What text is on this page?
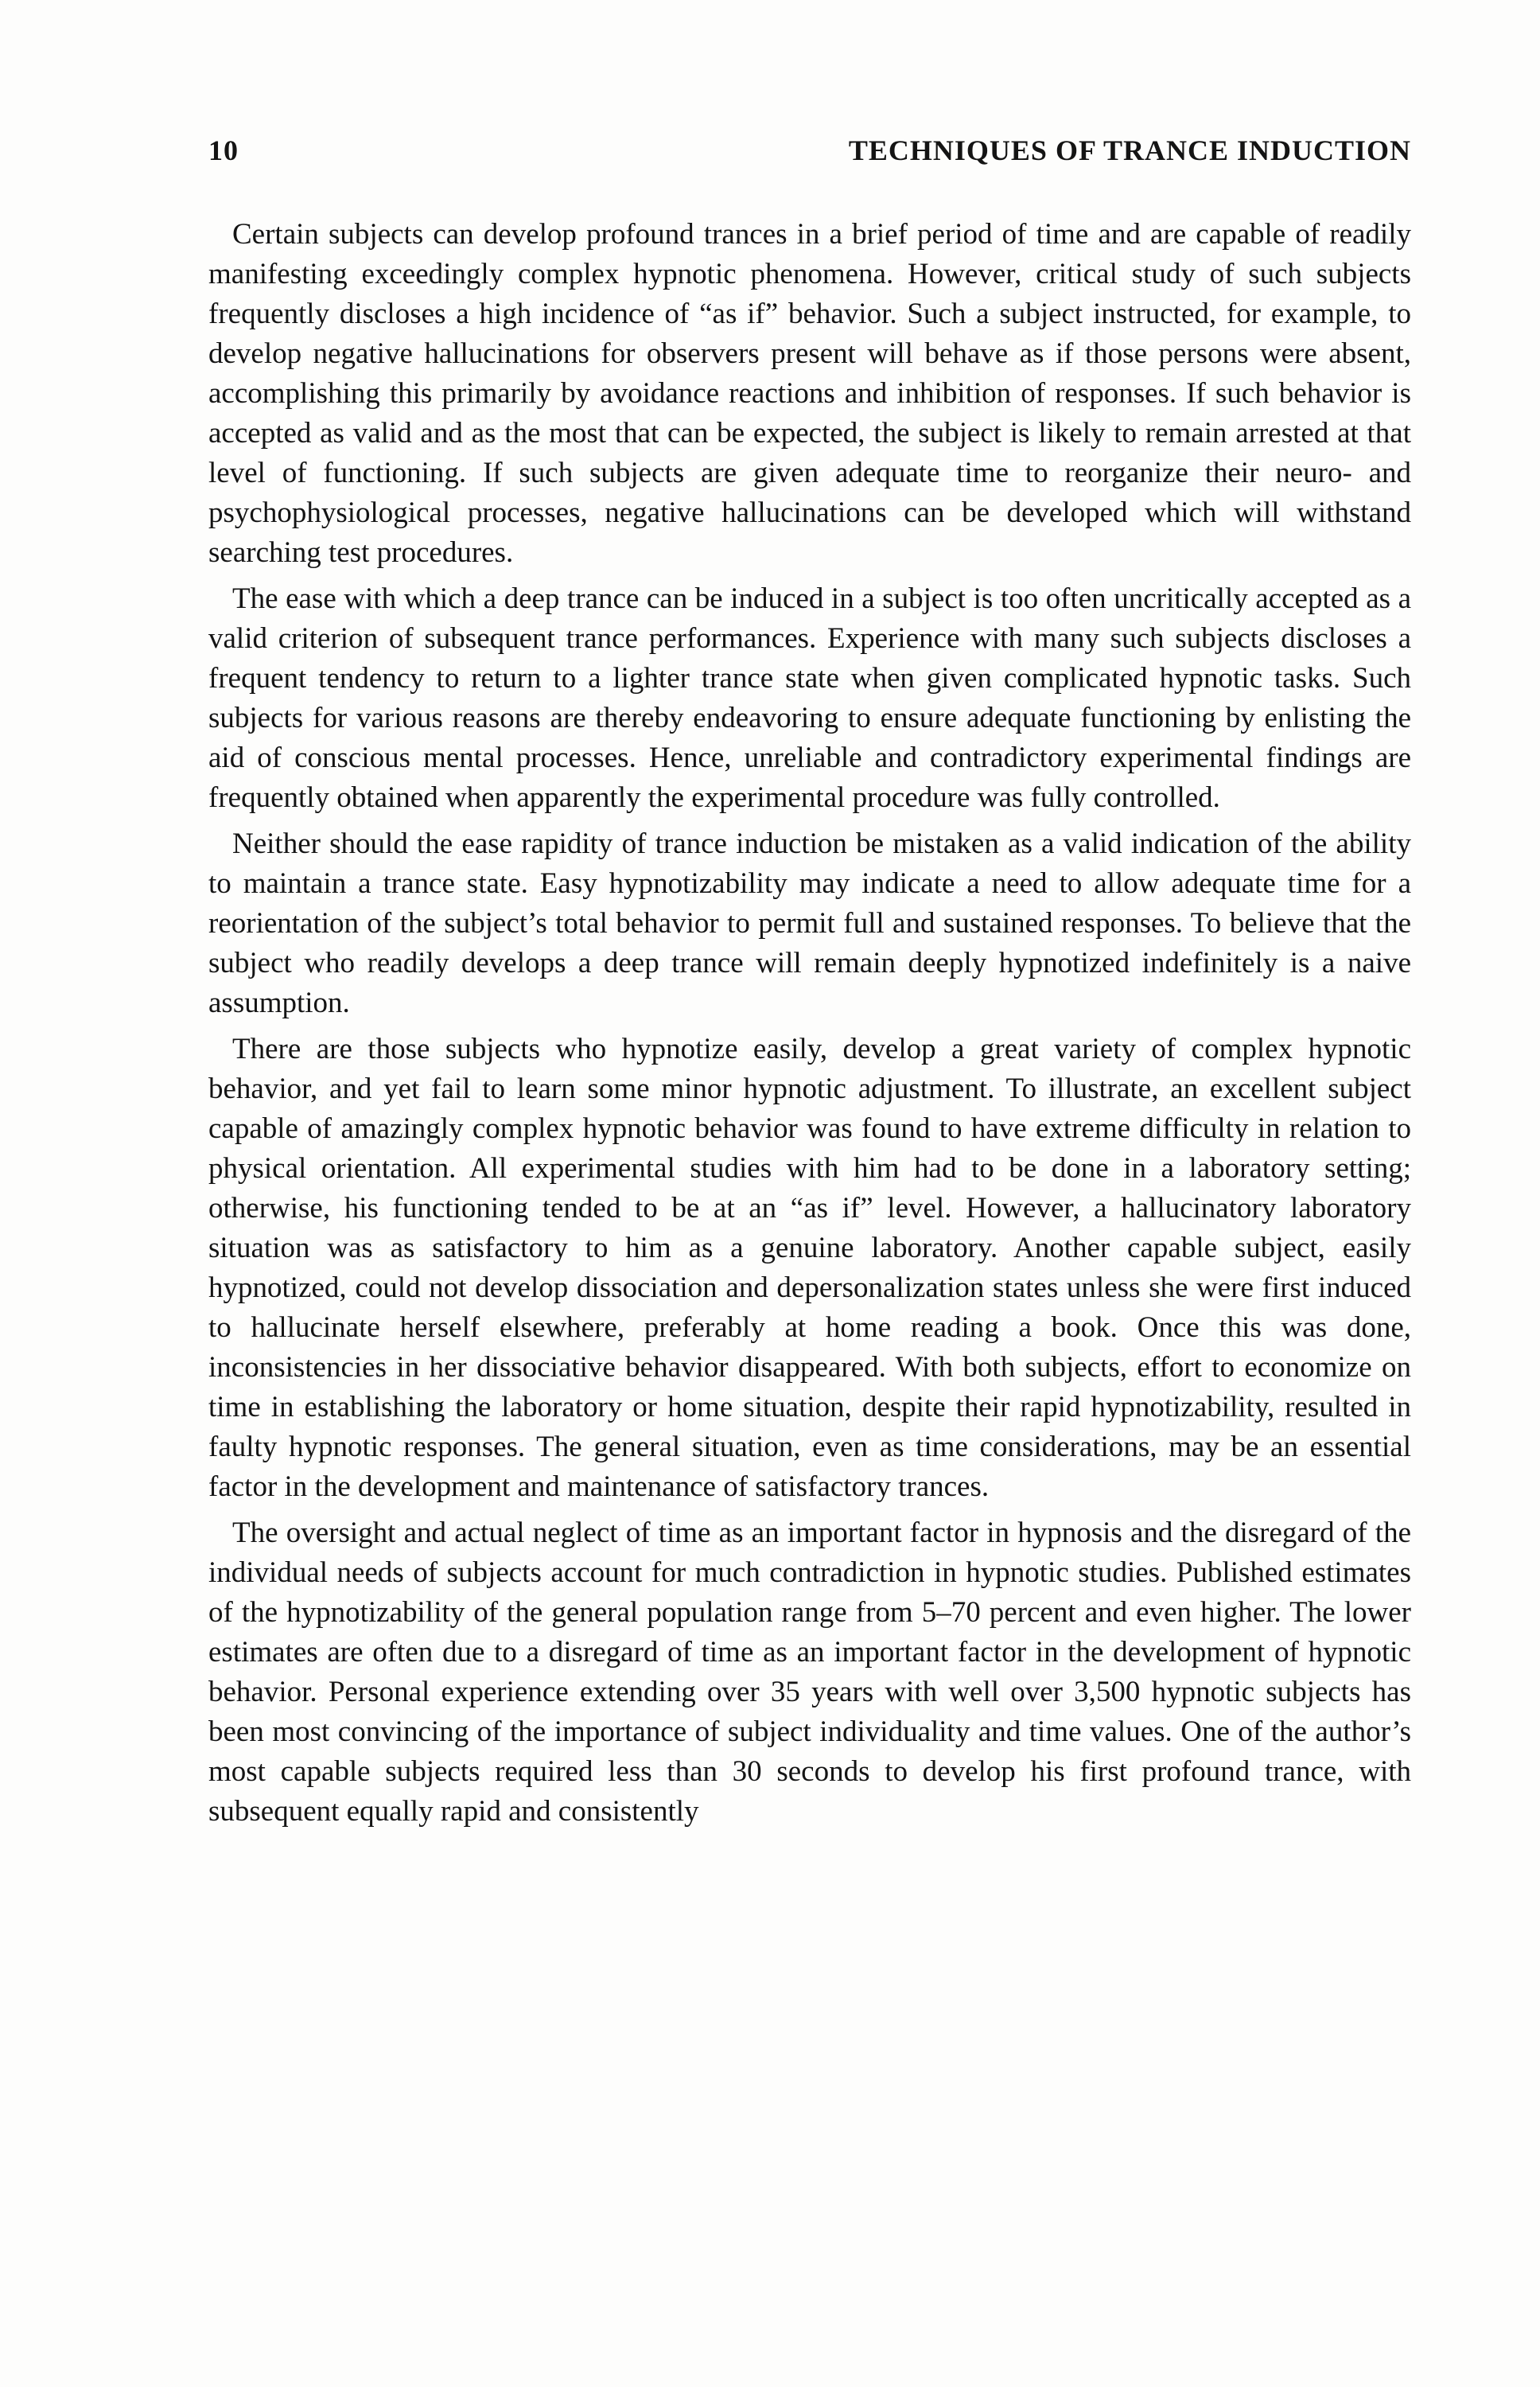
10	TECHNIQUES OF TRANCE INDUCTION

Certain subjects can develop profound trances in a brief period of time and are capable of readily manifesting exceedingly complex hypnotic phenomena. However, critical study of such subjects frequently discloses a high incidence of “as if” behavior. Such a subject instructed, for example, to develop negative hallucinations for observers present will behave as if those persons were absent, accomplishing this primarily by avoidance reactions and inhibition of responses. If such behavior is accepted as valid and as the most that can be expected, the subject is likely to remain arrested at that level of functioning. If such subjects are given adequate time to reorganize their neuro- and psychophysiological processes, negative hallucinations can be developed which will withstand searching test procedures.

The ease with which a deep trance can be induced in a subject is too often uncritically accepted as a valid criterion of subsequent trance performances. Experience with many such subjects discloses a frequent tendency to return to a lighter trance state when given complicated hypnotic tasks. Such subjects for various reasons are thereby endeavoring to ensure adequate functioning by enlisting the aid of conscious mental processes. Hence, unreliable and contradictory experimental findings are frequently obtained when apparently the experimental procedure was fully controlled.

Neither should the ease rapidity of trance induction be mistaken as a valid indication of the ability to maintain a trance state. Easy hypnotizability may indicate a need to allow adequate time for a reorientation of the subject’s total behavior to permit full and sustained responses. To believe that the subject who readily develops a deep trance will remain deeply hypnotized indefinitely is a naive assumption.

There are those subjects who hypnotize easily, develop a great variety of complex hypnotic behavior, and yet fail to learn some minor hypnotic adjustment. To illustrate, an excellent subject capable of amazingly complex hypnotic behavior was found to have extreme difficulty in relation to physical orientation. All experimental studies with him had to be done in a laboratory setting; otherwise, his functioning tended to be at an “as if” level. However, a hallucinatory laboratory situation was as satisfactory to him as a genuine laboratory. Another capable subject, easily hypnotized, could not develop dissociation and depersonalization states unless she were first induced to hallucinate herself elsewhere, preferably at home reading a book. Once this was done, inconsistencies in her dissociative behavior disappeared. With both subjects, effort to economize on time in establishing the laboratory or home situation, despite their rapid hypnotizability, resulted in faulty hypnotic responses. The general situation, even as time considerations, may be an essential factor in the development and maintenance of satisfactory trances.

The oversight and actual neglect of time as an important factor in hypnosis and the disregard of the individual needs of subjects account for much contradiction in hypnotic studies. Published estimates of the hypnotizability of the general population range from 5–70 percent and even higher. The lower estimates are often due to a disregard of time as an important factor in the development of hypnotic behavior. Personal experience extending over 35 years with well over 3,500 hypnotic subjects has been most convincing of the importance of subject individuality and time values. One of the author’s most capable subjects required less than 30 seconds to develop his first profound trance, with subsequent equally rapid and consistently
